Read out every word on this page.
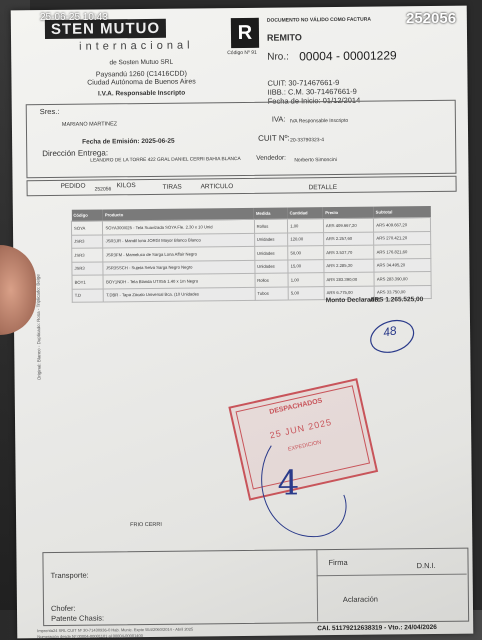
STEN MUTUO
internacional
de Sosten Mutuo SRL
Paysandú 1260 (C1416CDD)
Ciudad Autónoma de Buenos Aires
I.V.A. Responsable Inscripto
R
Código Nº 91
DOCUMENTO NO VÁLIDO COMO FACTURA
REMITO
Nro.: 00004 - 00001229
CUIT: 30-71467661-9
IIBB.: C.M. 30-71467661-9
Fecha de Inicio: 01/12/2014
Sres.:
MARIANO MARTINEZ
IVA: IVA Responsable Inscripto
Fecha de Emisión: 2025-06-25	CUIT Nº: 20-33790323-4
Dirección Entrega:
LEANDRO DE LA TORRE 422 GRAL DANIEL CERRI BAHIA BLANCA Vendedor: Norberto Simoncini
PEDIDO 252056
KILOS	TIRAS	ARTICULO	DETALLE
Código	Producto	Medida	Cantidad	Precio	Subtotal
SOYA	SOYA300/025 - Tela Suavizada SOYA Fle. 2.30 x 10 Unid	Rollos	1,00	ARS 409.667,20	ARS 409.667,20
JSR3	JSR3JR - Mandil lona JORGI Mayor Blanco Blanco	Unidades	120,00	ARS 2.257,60	ARS 270.421,20
JSR3	JSR3FM - Mameluco de Sarga Lona Affair Negro	Unidades	50,00	ARS 3.537,70	ARS 176.821,60
JSR3	JSR3SSCH - Sujeta Selva Sarga Negro Negro	Unidades	15,00	ARS 2.285,30	ARS 34.495,20
BOY1	BOY1NDH - Tela Blanda UTX55 1.40 x 1m Negro	Rollos	1,00	ARS 283.390,00	ARS 283.390,00
T.D	T.DBR - Tapa Zócalo Universal Bca. (10 Unidades	Tubos	5,00	ARS 6.775,00	ARS 33.750,00
Monto Declarado:
ARS 1.265.525,00
48
DESPACHADOS
25 JUN 2025
EXPEDICION
4
FRIO CERRI
Firma	D.N.I.
Transporte:
Aclaración
Chofer:
Patente Chasis:
CAI. 51179212638319 - Vto.: 24/04/2026
Imprenta24 SRL CUIT Nº 30-71430936-0 Hab. Munic. Expte 554/2060/2014 - Abril 2025
Numeración desde Nº 00004-00001101 al 00004-00001400
Original: Blanco - Duplicado: Rosa - Triplicado: Beige
25-06-25 10:43	252056
